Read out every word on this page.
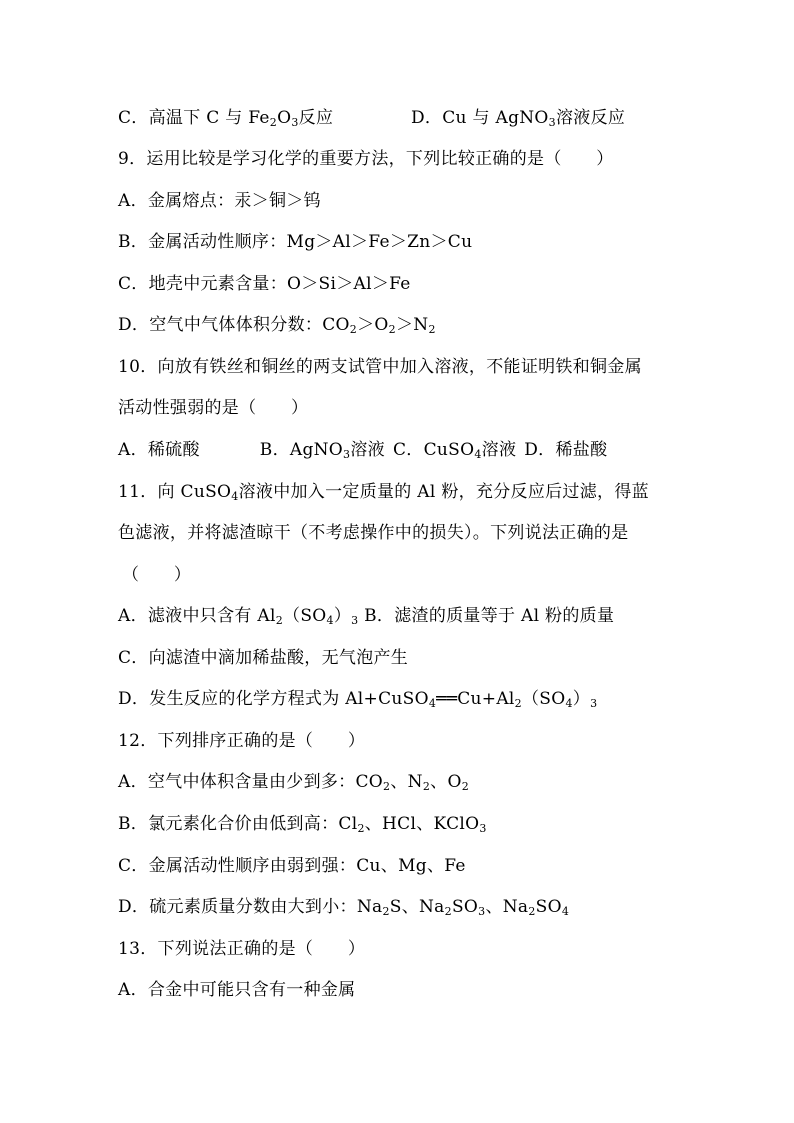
C．高温下 C 与 $Fe_2O_3$反应	D．Cu 与 AgNO$_3$溶液反应
9．运用比较是学习化学的重要方法，下列比较正确的是（　　）
A．金属熔点：汞＞铜＞钨
B．金属活动性顺序：Mg＞Al＞Fe＞Zn＞Cu
C．地壳中元素含量：O＞Si＞Al＞Fe
D．空气中气体体积分数：$CO_2>O_2>N_2$
10．向放有铁丝和铜丝的两支试管中加入溶液，不能证明铁和铜金属
活动性强弱的是（　　）
A．稀硫酸	B．AgNO$_3$溶液 C．CuSO$_4$溶液 D．稀盐酸
11．向 CuSO$_4$溶液中加入一定质量的 Al 粉，充分反应后过滤，得蓝
色滤液，并将滤渣晾干（不考虑操作中的损失）。下列说法正确的是
（　　）
A．滤液中只含有 $Al_2(SO_4)_3$ B．滤渣的质量等于 Al 粉的质量
C．向滤渣中滴加稀盐酸，无气泡产生
D．发生反应的化学方程式为 $Al+CuSO_4══Cu+Al_2(SO_4)_3$
12．下列排序正确的是（　　）
A．空气中体积含量由少到多：$CO_2$、$N_2$、$O_2$
B．氯元素化合价由低到高：$Cl_2$、HCl、KClO$_3$
C．金属活动性顺序由弱到强：Cu、Mg、Fe
D．硫元素质量分数由大到小：$Na_2S$、$Na_2SO_3$、$Na_2SO_4$
13．下列说法正确的是（　　）
A．合金中可能只含有一种金属
